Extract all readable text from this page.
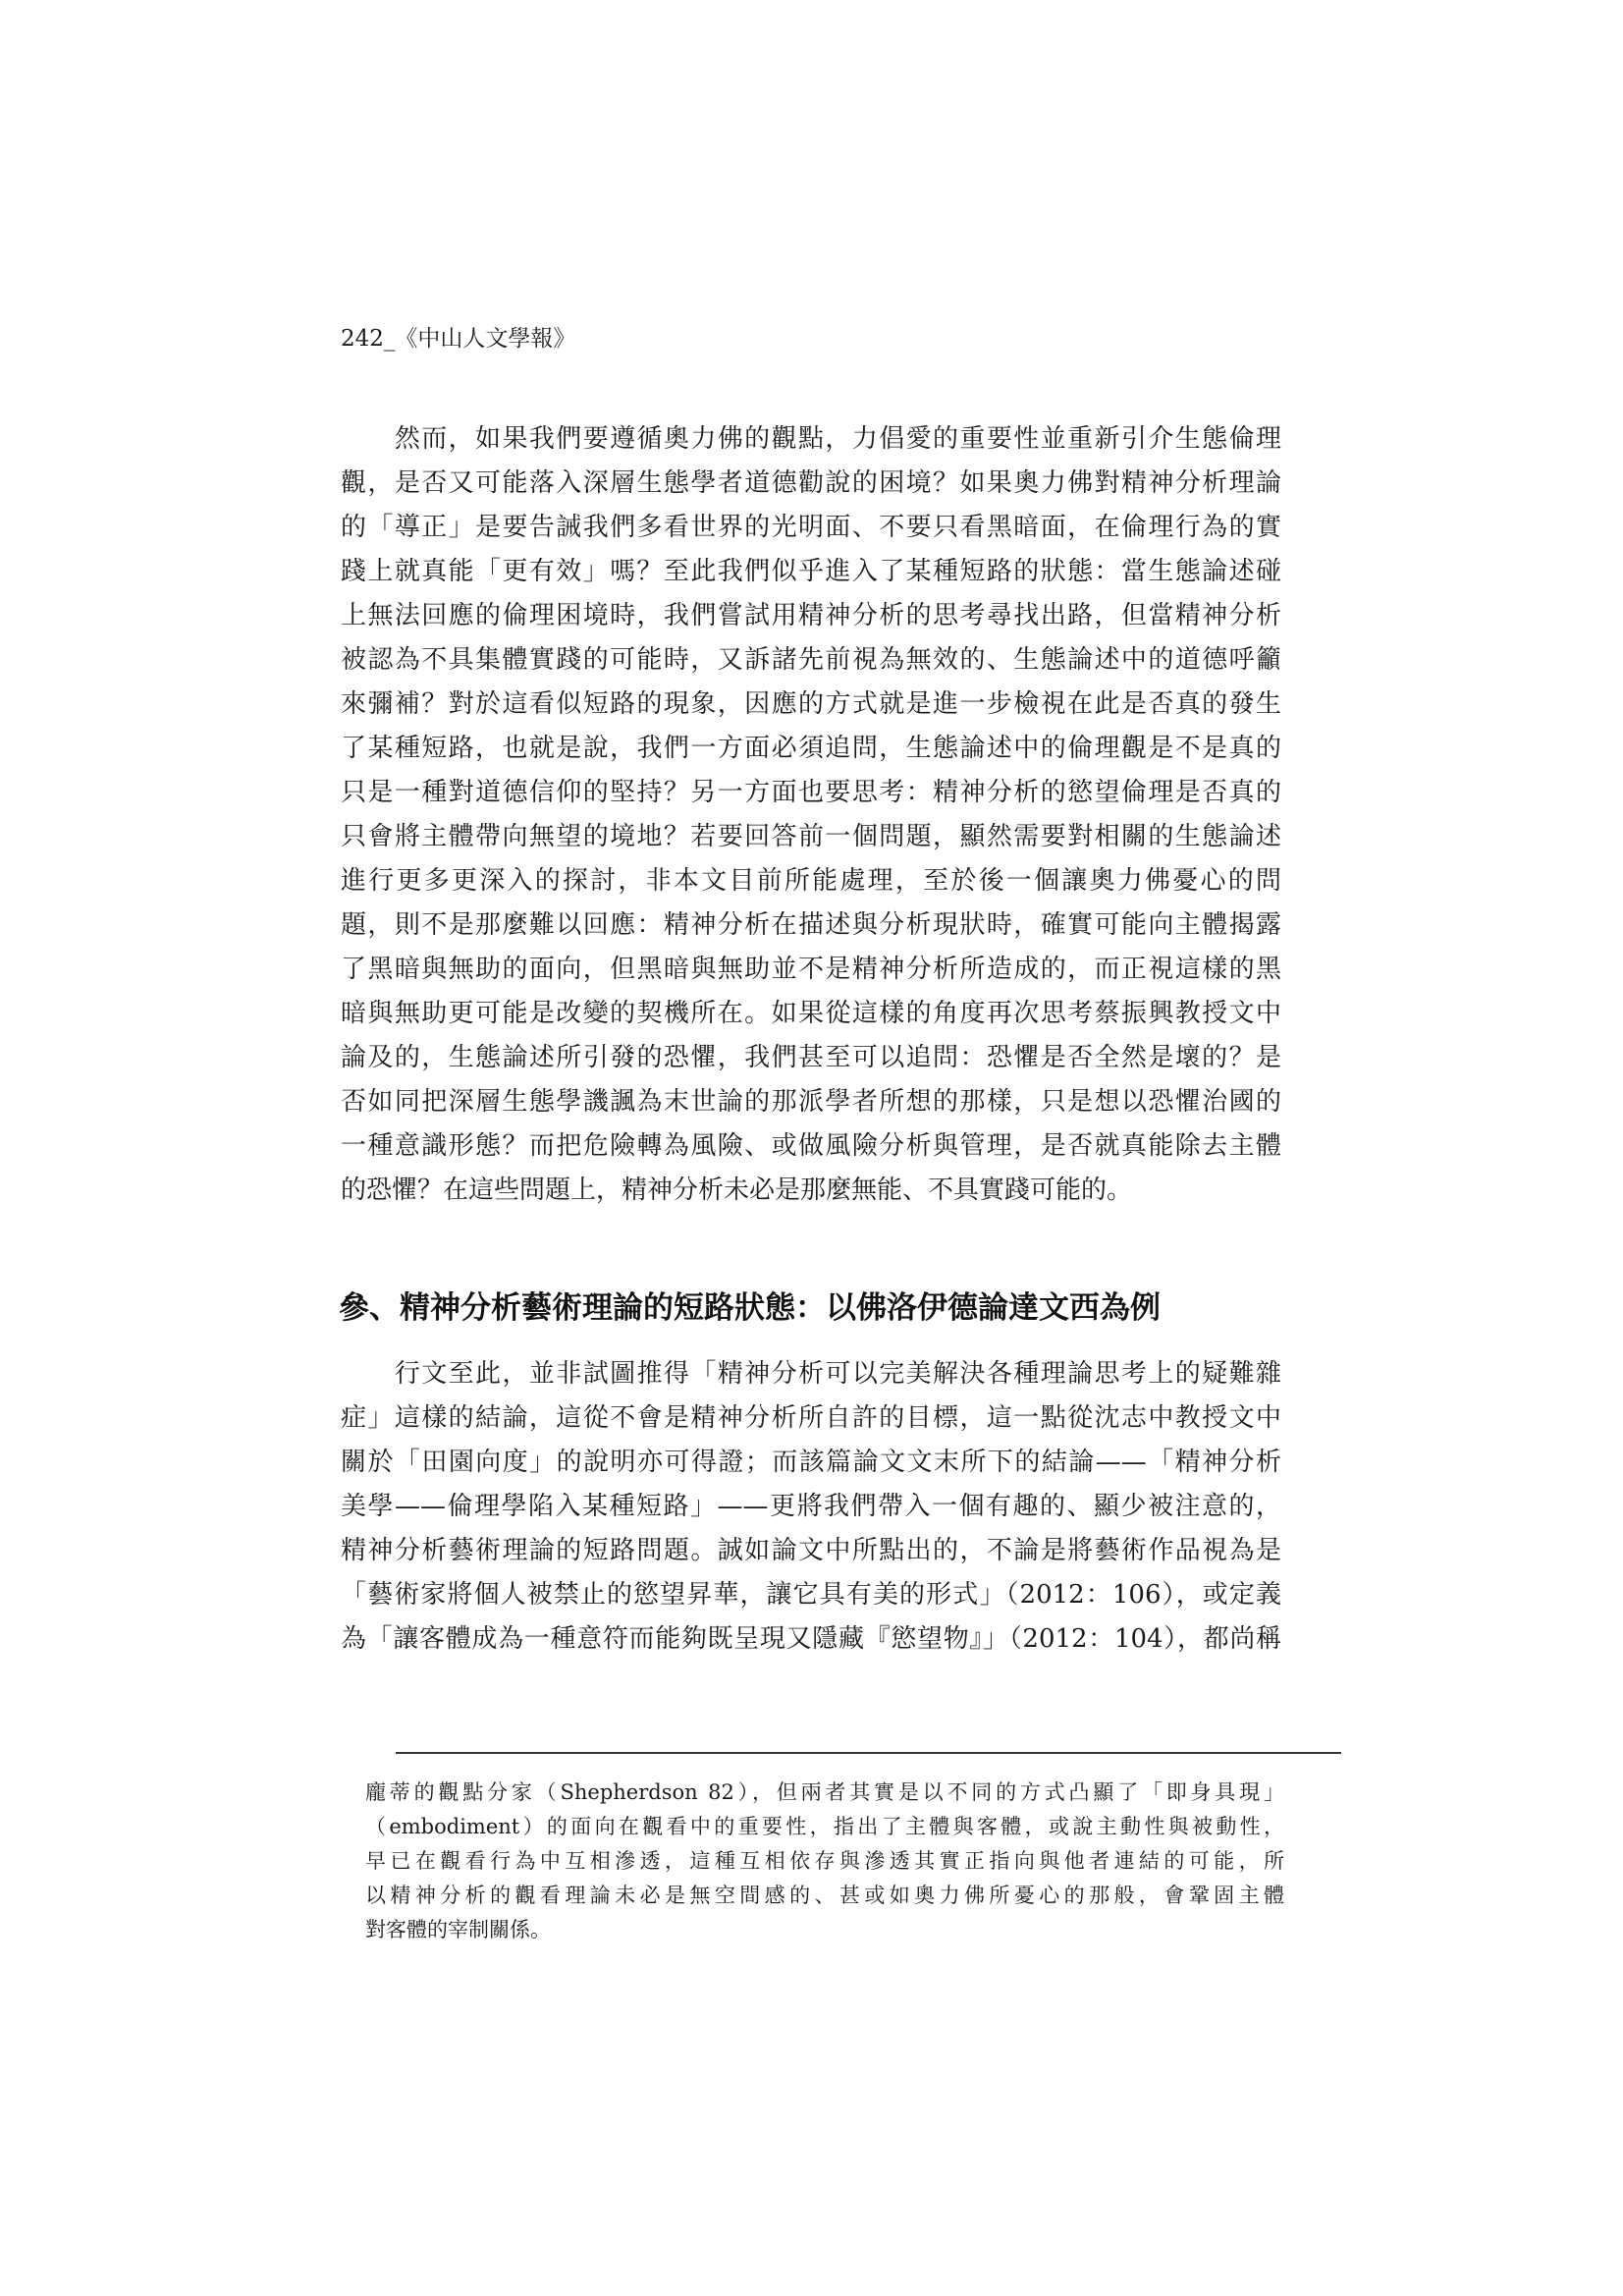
242_《中山人文學報》
　　然而，如果我們要遵循奧力佛的觀點，力倡愛的重要性並重新引介生態倫理
觀，是否又可能落入深層生態學者道德勸說的困境？如果奧力佛對精神分析理論
的「導正」是要告誡我們多看世界的光明面、不要只看黑暗面，在倫理行為的實
踐上就真能「更有效」嗎？至此我們似乎進入了某種短路的狀態：當生態論述碰
上無法回應的倫理困境時，我們嘗試用精神分析的思考尋找出路，但當精神分析
被認為不具集體實踐的可能時，又訴諸先前視為無效的、生態論述中的道德呼籲
來彌補？對於這看似短路的現象，因應的方式就是進一步檢視在此是否真的發生
了某種短路，也就是說，我們一方面必須追問，生態論述中的倫理觀是不是真的
只是一種對道德信仰的堅持？另一方面也要思考：精神分析的慾望倫理是否真的
只會將主體帶向無望的境地？若要回答前一個問題，顯然需要對相關的生態論述
進行更多更深入的探討，非本文目前所能處理，至於後一個讓奧力佛憂心的問
題，則不是那麼難以回應：精神分析在描述與分析現狀時，確實可能向主體揭露
了黑暗與無助的面向，但黑暗與無助並不是精神分析所造成的，而正視這樣的黑
暗與無助更可能是改變的契機所在。如果從這樣的角度再次思考蔡振興教授文中
論及的，生態論述所引發的恐懼，我們甚至可以追問：恐懼是否全然是壞的？是
否如同把深層生態學譏諷為末世論的那派學者所想的那樣，只是想以恐懼治國的
一種意識形態？而把危險轉為風險、或做風險分析與管理，是否就真能除去主體
的恐懼？在這些問題上，精神分析未必是那麼無能、不具實踐可能的。
參、精神分析藝術理論的短路狀態：以佛洛伊德論達文西為例
　　行文至此，並非試圖推得「精神分析可以完美解決各種理論思考上的疑難雜
症」這樣的結論，這從不會是精神分析所自許的目標，這一點從沈志中教授文中
關於「田園向度」的說明亦可得證；而該篇論文文末所下的結論——「精神分析
美學——倫理學陷入某種短路」——更將我們帶入一個有趣的、顯少被注意的，
精神分析藝術理論的短路問題。誠如論文中所點出的，不論是將藝術作品視為是
「藝術家將個人被禁止的慾望昇華，讓它具有美的形式」（2012：106），或定義
為「讓客體成為一種意符而能夠既呈現又隱藏『慾望物』」（2012：104），都尚稱
龐蒂的觀點分家（Shepherdson 82），但兩者其實是以不同的方式凸顯了「即身具現」
（embodiment）的面向在觀看中的重要性，指出了主體與客體，或說主動性與被動性，
早已在觀看行為中互相滲透，這種互相依存與滲透其實正指向與他者連結的可能，所
以精神分析的觀看理論未必是無空間感的、甚或如奧力佛所憂心的那般，會鞏固主體
對客體的宰制關係。
